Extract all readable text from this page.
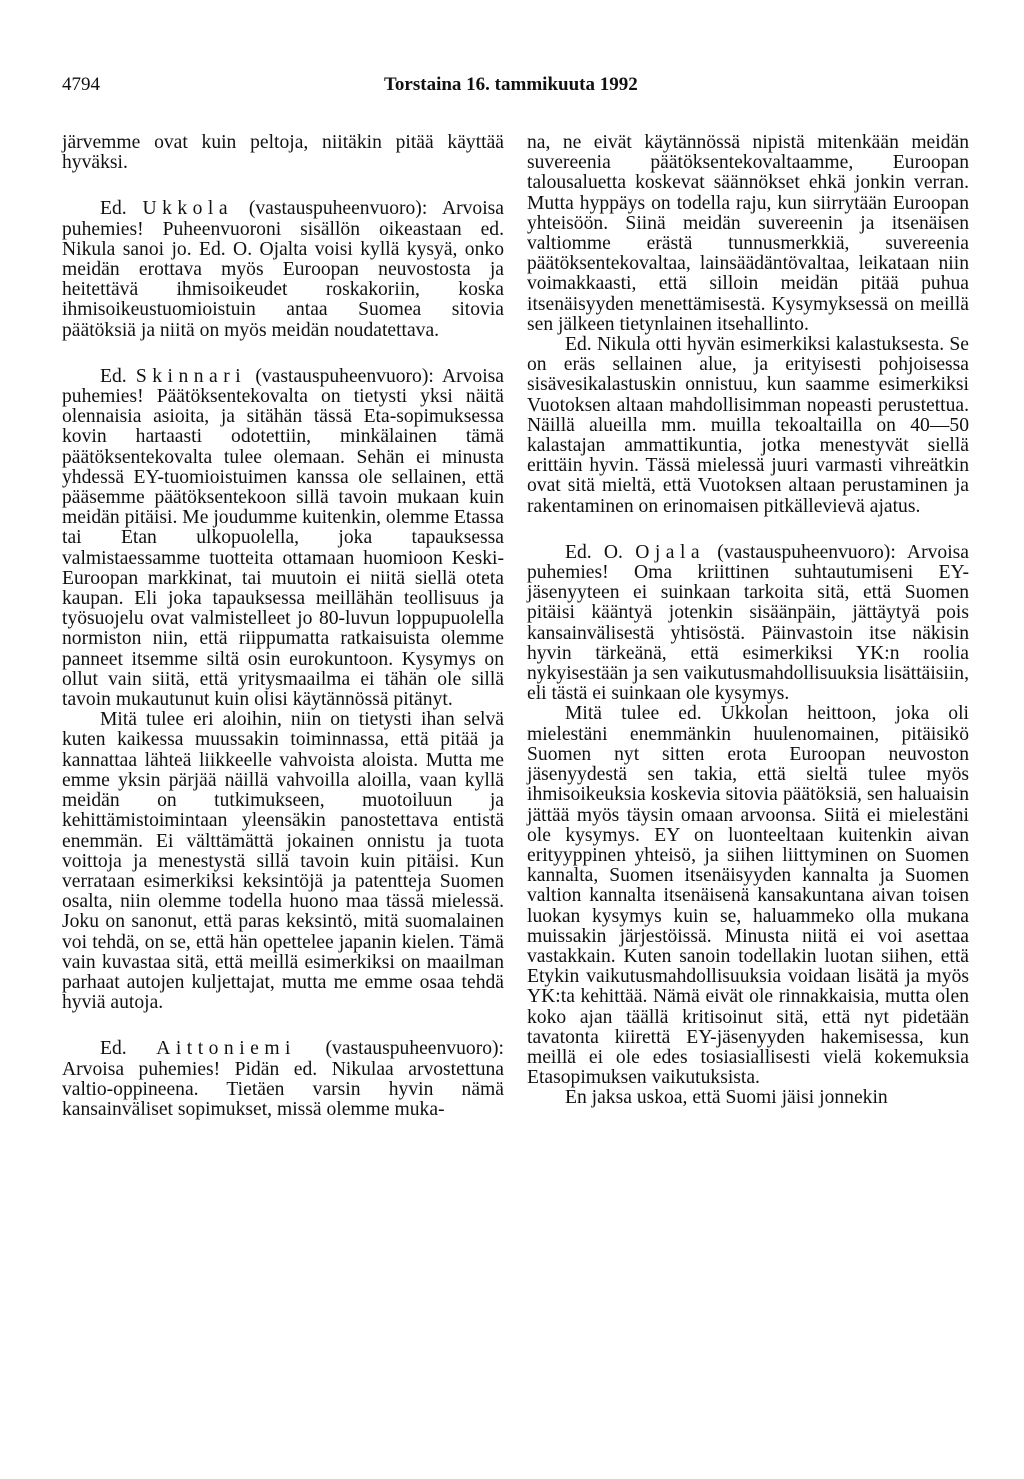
4794	Torstaina 16. tammikuuta 1992

järvemme ovat kuin peltoja, niitäkin pitää käyttää hyväksi.

Ed. Ukkola (vastauspuheenvuoro): Arvoisa puhemies! Puheenvuoroni sisällön oikeastaan ed. Nikula sanoi jo. Ed. O. Ojalta voisi kyllä kysyä, onko meidän erottava myös Euroopan neuvostosta ja heitettävä ihmisoikeudet roskakoriin, koska ihmisoikeustuomioistuin antaa Suomea sitovia päätöksiä ja niitä on myös meidän noudatettava.

Ed. Skinnari (vastauspuheenvuoro): Arvoisa puhemies! Päätöksentekovalta on tietysti yksi näitä olennaisia asioita, ja sitähän tässä Eta-sopimuksessa kovin hartaasti odotettiin, minkälainen tämä päätöksentekovalta tulee olemaan. Sehän ei minusta yhdessä EY-tuomioistuimen kanssa ole sellainen, että pääsemme päätöksentekoon sillä tavoin mukaan kuin meidän pitäisi. Me joudumme kuitenkin, olemme Etassa tai Etan ulkopuolella, joka tapauksessa valmistaessamme tuotteita ottamaan huomioon Keski-Euroopan markkinat, tai muutoin ei niitä siellä oteta kaupan. Eli joka tapauksessa meillähän teollisuus ja työsuojelu ovat valmistelleet jo 80-luvun loppupuolella normiston niin, että riippumatta ratkaisuista olemme panneet itsemme siltä osin eurokuntoon. Kysymys on ollut vain siitä, että yritysmaailma ei tähän ole sillä tavoin mukautunut kuin olisi käytännössä pitänyt.

Mitä tulee eri aloihin, niin on tietysti ihan selvä kuten kaikessa muussakin toiminnassa, että pitää ja kannattaa lähteä liikkeelle vahvoista aloista. Mutta me emme yksin pärjää näillä vahvoilla aloilla, vaan kyllä meidän on tutkimukseen, muotoiluun ja kehittämistoimintaan yleensäkin panostettava entistä enemmän. Ei välttämättä jokainen onnistu ja tuota voittoja ja menestystä sillä tavoin kuin pitäisi. Kun verrataan esimerkiksi keksintöjä ja patentteja Suomen osalta, niin olemme todella huono maa tässä mielessä. Joku on sanonut, että paras keksintö, mitä suomalainen voi tehdä, on se, että hän opettelee japanin kielen. Tämä vain kuvastaa sitä, että meillä esimerkiksi on maailman parhaat autojen kuljettajat, mutta me emme osaa tehdä hyviä autoja.

Ed. Aittoniemi (vastauspuheenvuoro): Arvoisa puhemies! Pidän ed. Nikulaa arvostettuna valtio-oppineena. Tietäen varsin hyvin nämä kansainväliset sopimukset, missä olemme muka-

na, ne eivät käytännössä nipistä mitenkään meidän suvereenia päätöksentekovaltaamme, Euroopan talousaluetta koskevat säännökset ehkä jonkin verran. Mutta hyppäys on todella raju, kun siirrytään Euroopan yhteisöön. Siinä meidän suvereenin ja itsenäisen valtiomme erästä tunnusmerkkiä, suvereenia päätöksentekovaltaa, lainsäädäntövaltaa, leikataan niin voimakkaasti, että silloin meidän pitää puhua itsenäisyyden menettämisestä. Kysymyksessä on meillä sen jälkeen tietynlainen itsehallinto.

Ed. Nikula otti hyvän esimerkiksi kalastuksesta. Se on eräs sellainen alue, ja erityisesti pohjoisessa sisävesikalastuskin onnistuu, kun saamme esimerkiksi Vuotoksen altaan mahdollisimman nopeasti perustettua. Näillä alueilla mm. muilla tekoaltailla on 40—50 kalastajan ammattikuntia, jotka menestyvät siellä erittäin hyvin. Tässä mielessä juuri varmasti vihreätkin ovat sitä mieltä, että Vuotoksen altaan perustaminen ja rakentaminen on erinomaisen pitkällevievä ajatus.

Ed. O. Ojala (vastauspuheenvuoro): Arvoisa puhemies! Oma kriittinen suhtautumiseni EY-jäsenyyteen ei suinkaan tarkoita sitä, että Suomen pitäisi kääntyä jotenkin sisäänpäin, jättäytyä pois kansainvälisestä yhtisöstä. Päinvastoin itse näkisin hyvin tärkeänä, että esimerkiksi YK:n roolia nykyisestään ja sen vaikutusmahdollisuuksia lisättäisiin, eli tästä ei suinkaan ole kysymys.

Mitä tulee ed. Ukkolan heittoon, joka oli mielestäni enemmänkin huulenomainen, pitäisikö Suomen nyt sitten erota Euroopan neuvoston jäsenyydestä sen takia, että sieltä tulee myös ihmisoikeuksia koskevia sitovia päätöksiä, sen haluaisin jättää myös täysin omaan arvoonsa. Siitä ei mielestäni ole kysymys. EY on luonteeltaan kuitenkin aivan erityyppinen yhteisö, ja siihen liittyminen on Suomen kannalta, Suomen itsenäisyyden kannalta ja Suomen valtion kannalta itsenäisenä kansakuntana aivan toisen luokan kysymys kuin se, haluammeko olla mukana muissakin järjestöissä. Minusta niitä ei voi asettaa vastakkain. Kuten sanoin todellakin luotan siihen, että Etykin vaikutusmahdollisuuksia voidaan lisätä ja myös YK:ta kehittää. Nämä eivät ole rinnakkaisia, mutta olen koko ajan täällä kritisoinut sitä, että nyt pidetään tavatonta kiirettä EY-jäsenyyden hakemisessa, kun meillä ei ole edes tosiasiallisesti vielä kokemuksia Etasopimuksen vaikutuksista.

En jaksa uskoa, että Suomi jäisi jonnekin
